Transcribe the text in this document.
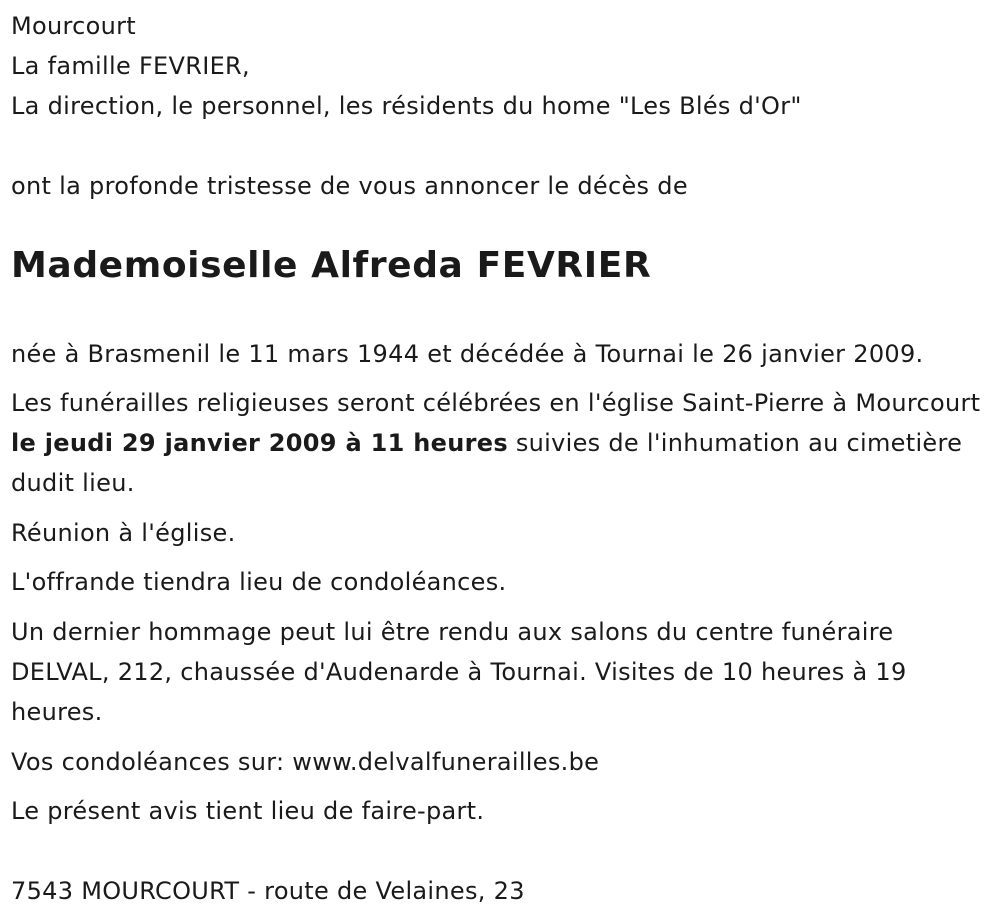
Mourcourt
La famille FEVRIER,
La direction, le personnel, les résidents du home "Les Blés d'Or"
ont la profonde tristesse de vous annoncer le décès de
Mademoiselle Alfreda FEVRIER
née à Brasmenil le 11 mars 1944 et décédée à Tournai le 26 janvier 2009.
Les funérailles religieuses seront célébrées en l'église Saint-Pierre à Mourcourt le jeudi 29 janvier 2009 à 11 heures suivies de l'inhumation au cimetière dudit lieu.
Réunion à l'église.
L'offrande tiendra lieu de condoléances.
Un dernier hommage peut lui être rendu aux salons du centre funéraire DELVAL, 212, chaussée d'Audenarde à Tournai. Visites de 10 heures à 19 heures.
Vos condoléances sur: www.delvalfunerailles.be
Le présent avis tient lieu de faire-part.
7543 MOURCOURT - route de Velaines, 23
